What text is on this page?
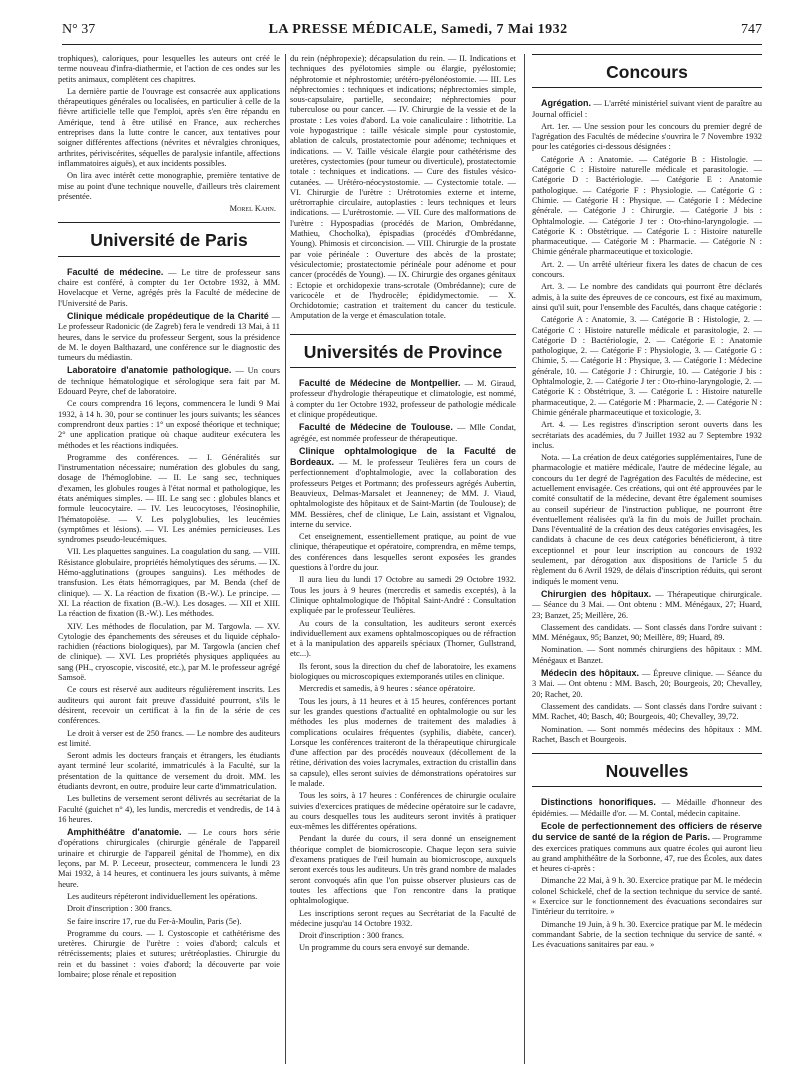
N° 37	LA PRESSE MÉDICALE, Samedi, 7 Mai 1932	747

trophiques), caloriques, pour lesquelles les auteurs ont créé le terme nouveau d'infra-diathermie, et l'action de ces ondes sur les petits animaux, complètent ces chapitres.

La dernière partie de l'ouvrage est consacrée aux applications thérapeutiques générales ou localisées, en particulier à celle de la fièvre artificielle telle que l'emploi, après s'en être répandu en Amérique, tend à être utilisé en France, aux recherches entreprises dans la lutte contre le cancer, aux tentatives pour soigner différentes affections (névrites et névralgies chroniques, arthrites, périviscérites, séquelles de paralysie infantile, affections inflammatoires aiguës), et aux incidents possibles.

On lira avec intérêt cette monographie, première tentative de mise au point d'une technique nouvelle, d'ailleurs très clairement présentée.

Morel Kahn.
Université de Paris

Faculté de médecine. — Le titre de professeur sans chaire est conféré, à compter du 1er Octobre 1932, à MM. Hovelacque et Verne, agrégés près la Faculté de médecine de l'Université de Paris.

Clinique médicale propédeutique de la Charité — Le professeur Radonicic (de Zagreb) fera le vendredi 13 Mai, à 11 heures, dans le service du professeur Sergent, sous la présidence de M. le doyen Balthazard, une conférence sur le diagnostic des tumeurs du médiastin.

Laboratoire d'anatomie pathologique. — Un cours de technique hématologique et sérologique sera fait par M. Edouard Peyre, chef de laboratoire.

Ce cours comprendra 16 leçons, commencera le lundi 9 Mai 1932, à 14 h. 30, pour se continuer les jours suivants; les séances comprendront deux parties : 1° un exposé théorique et technique; 2° une application pratique où chaque auditeur exécutera les méthodes et les réactions indiquées.

Programme des conférences. — I. Généralités sur l'instrumentation nécessaire; numération des globules du sang, dosage de l'hémoglobine. — II. Le sang sec, techniques d'examen, les globules rouges à l'état normal et pathologique, les états anémiques simples. — III. Le sang sec : globules blancs et formule leucocytaire. — IV. Les leucocytoses, l'éosinophilie, l'hématopoïèse. — V. Les polyglobulies, les leucémies (symptômes et lésions). — VI. Les anémies pernicieuses. Les syndromes pseudo-leucémiques.

VII. Les plaquettes sanguines. La coagulation du sang. — VIII. Résistance globulaire, propriétés hémolytiques des sérums. — IX. Hémo-agglutinations (groupes sanguins). Les méthodes de transfusion. Les états hémorragiques, par M. Benda (chef de clinique). — X. La réaction de fixation (B.-W.). Le principe. — XI. La réaction de fixation (B.-W.). Les dosages. — XII et XIII. La réaction de fixation (B.-W.). Les méthodes.

XIV. Les méthodes de floculation, par M. Targowla. — XV. Cytologie des épanchements des séreuses et du liquide céphalo-rachidien (réactions biologiques), par M. Targowla (ancien chef de clinique). — XVI. Les propriétés physiques appliquées au sang (PH., cryoscopie, viscosité, etc.), par M. le professeur agrégé Samsoë.

Ce cours est réservé aux auditeurs régulièrement inscrits. Les auditeurs qui auront fait preuve d'assiduité pourront, s'ils le désirent, recevoir un certificat à la fin de la série de ces conférences.

Le droit à verser est de 250 francs. — Le nombre des auditeurs est limité.

Seront admis les docteurs français et étrangers, les étudiants ayant terminé leur scolarité, immatriculés à la Faculté, sur la présentation de la quittance de versement du droit. MM. les étudiants devront, en outre, produire leur carte d'immatriculation.

Les bulletins de versement seront délivrés au secrétariat de la Faculté (guichet n° 4), les lundis, mercredis et vendredis, de 14 à 16 heures.

Amphithéâtre d'anatomie. — Le cours hors série d'opérations chirurgicales (chirurgie générale de l'appareil urinaire et chirurgie de l'appareil génital de l'homme), en dix leçons, par M. P. Leceeur, prosecteur, commencera le lundi 23 Mai 1932, à 14 heures, et continuera les jours suivants, à même heure.

Les auditeurs répéteront individuellement les opérations.

Droit d'inscription : 300 francs.

Se faire inscrire 17, rue du Fer-à-Moulin, Paris (5e).

Programme du cours. — I. Cystoscopie et cathétérisme des uretères. Chirurgie de l'urètre : voies d'abord; calculs et rétrécissements; plaies et sutures; urétréoplasties. Chirurgie du rein et du bassinet : voies d'abord; la découverte par voie lombaire; plose rénale et reposition

du rein (néphropexie); décapsulation du rein. — II. Indications et techniques des pyélotomies simple ou élargie, pyélostomie; néphrotomie et néphrostomie; urétéro-pyélonéostomie. — III. Les néphrectomies : techniques et indications; néphrectomies simple, sous-capsulaire, partielle, secondaire; néphrectomies pour tuberculose ou pour cancer. — IV. Chirurgie de la vessie et de la prostate : Les voies d'abord. La voie canaliculaire : lithotritie. La voie hypogastrique : taille vésicale simple pour cystostomie, ablation de calculs, prostatectomie pour adénome; techniques et indications. — V. Taille vésicale élargie pour cathétérisme des uretères, cystectomies (pour tumeur ou diverticule), prostatectomie totale : techniques et indications. — Cure des fistules vésico-cutanées. — Urétéro-néocystostomie. — Cystectomie totale. — VI. Chirurgie de l'urètre : Urétrotomies externe et interne, urétrorraphie circulaire, autoplasties : leurs techniques et leurs indications. — L'urétrostomie. — VII. Cure des malformations de l'urètre : Hypospadias (procédés de Marion, Ombrédanne, Mathieu, Chocholka), épispadias (procédés d'Ombrédanne, Young). Phimosis et circoncision. — VIII. Chirurgie de la prostate par voie périnéale : Ouverture des abcès de la prostate; vésiculectomie; prostatectomie périnéale pour adénome et pour cancer (procédés de Young). — IX. Chirurgie des organes génitaux : Ectopie et orchidopexie trans-scrotale (Ombrédanne); cure de varicocèle et de l'hydrocèle; épididymectomie. — X. Orchidotomie; castration et traitement du cancer du testicule. Amputation de la verge et émasculation totale.

Universités de Province

Faculté de Médecine de Montpellier. — M. Giraud, professeur d'hydrologie thérapeutique et climatologie, est nommé, à compter du 1er Octobre 1932, professeur de pathologie médicale et clinique propédeutique.

Faculté de Médecine de Toulouse. — Mlle Condat, agrégée, est nommée professeur de thérapeutique.

Clinique ophtalmologique de la Faculté de Bordeaux. — M. le professeur Teulières fera un cours de perfectionnement d'ophtalmologie, avec la collaboration des professeurs Petges et Portmann; des professeurs agrégés Aubertin, Beauvieux, Delmas-Marsalet et Jeanneney; de MM. J. Viaud, ophtalmologiste des hôpitaux et de Saint-Martin (de Toulouse); de MM. Bessières, chef de clinique, Le Lain, assistant et Vignalou, interne du service.

Cet enseignement, essentiellement pratique, au point de vue clinique, thérapeutique et opératoire, comprendra, en même temps, des conférences dans lesquelles seront exposées les grandes questions à l'ordre du jour.

Il aura lieu du lundi 17 Octobre au samedi 29 Octobre 1932. Tous les jours à 9 heures (mercredis et samedis exceptés), à la Clinique ophtalmologique de l'hôpital Saint-André : Consultation expliquée par le professeur Teulières.

Au cours de la consultation, les auditeurs seront exercés individuellement aux examens ophtalmoscopiques ou de réfraction et à la manipulation des appareils spéciaux (Thorner, Gullstrand, etc...).

Ils feront, sous la direction du chef de laboratoire, les examens biologiques ou microscopiques extemporanés utiles en clinique.

Mercredis et samedis, à 9 heures : séance opératoire.

Tous les jours, à 11 heures et à 15 heures, conférences portant sur les grandes questions d'actualité en ophtalmologie ou sur les méthodes les plus modernes de traitement des maladies à complications oculaires fréquentes (syphilis, diabète, cancer). Lorsque les conférences traiteront de la thérapeutique chirurgicale d'une affection par des procédés nouveaux (décollement de la rétine, dérivation des voies lacrymales, extraction du cristallin dans sa capsule), elles seront suivies de démonstrations opératoires sur le malade.

Tous les soirs, à 17 heures : Conférences de chirurgie oculaire suivies d'exercices pratiques de médecine opératoire sur le cadavre, au cours desquelles tous les auditeurs seront invités à pratiquer eux-mêmes les différentes opérations.

Pendant la durée du cours, il sera donné un enseignement théorique complet de biomicroscopie. Chaque leçon sera suivie d'examens pratiques de l'œil humain au biomicroscope, auxquels seront exercés tous les auditeurs. Un très grand nombre de malades seront convoqués afin que l'on puisse observer plusieurs cas de toutes les affections que l'on rencontre dans la pratique ophtalmologique.

Les inscriptions seront reçues au Secrétariat de la Faculté de médecine jusqu'au 14 Octobre 1932.

Droit d'inscription : 300 francs.

Un programme du cours sera envoyé sur demande.

Concours

Agrégation. — L'arrêté ministériel suivant vient de paraître au Journal officiel :

Art. 1er. — Une session pour les concours du premier degré de l'agrégation des Facultés de médecine s'ouvrira le 7 Novembre 1932 pour les catégories ci-dessous désignées :

Catégorie A : Anatomie. — Catégorie B : Histologie. — Catégorie C : Histoire naturelle médicale et parasitologie. — Catégorie D : Bactériologie. — Catégorie E : Anatomie pathologique. — Catégorie F : Physiologie. — Catégorie G : Chimie. — Catégorie H : Physique. — Catégorie I : Médecine générale. — Catégorie J : Chirurgie. — Catégorie J bis : Ophtalmologie. — Catégorie J ter : Oto-rhino-laryngologie. — Catégorie K : Obstétrique. — Catégorie L : Histoire naturelle pharmaceutique. — Catégorie M : Pharmacie. — Catégorie N : Chimie générale pharmaceutique et toxicologie.

Art. 2. — Un arrêté ultérieur fixera les dates de chacun de ces concours.

Art. 3. — Le nombre des candidats qui pourront être déclarés admis, à la suite des épreuves de ce concours, est fixé au maximum, ainsi qu'il suit, pour l'ensemble des Facultés, dans chaque catégorie :

Catégorie A : Anatomie, 3. — Catégorie B : Histologie, 2. — Catégorie C : Histoire naturelle médicale et parasitologie, 2. — Catégorie D : Bactériologie, 2. — Catégorie E : Anatomie pathologique, 2. — Catégorie F : Physiologie, 3. — Catégorie G : Chimie, 5. — Catégorie H : Physique, 3. — Catégorie I : Médecine générale, 10. — Catégorie J : Chirurgie, 10. — Catégorie J bis : Ophtalmologie, 2. — Catégorie J ter : Oto-rhino-laryngologie, 2. — Catégorie K : Obstétrique, 3. — Catégorie L : Histoire naturelle pharmaceutique, 2. — Catégorie M : Pharmacie, 2. — Catégorie N : Chimie générale pharmaceutique et toxicologie, 3.

Art. 4. — Les registres d'inscription seront ouverts dans les secrétariats des académies, du 7 Juillet 1932 au 7 Septembre 1932 inclus.

Nota. — La création de deux catégories supplémentaires, l'une de pharmacologie et matière médicale, l'autre de médecine légale, au concours du 1er degré de l'agrégation des Facultés de médecine, est actuellement envisagée. Ces créations, qui ont été approuvées par le comité consultatif de la médecine, devant être également soumises au conseil supérieur de l'instruction publique, ne pourront être éventuellement réalisées qu'à la fin du mois de Juillet prochain. Dans l'éventualité de la création des deux catégories envisagées, les candidats à chacune de ces deux catégories bénéficieront, à titre exceptionnel et pour leur inscription au concours de 1932 seulement, par dérogation aux dispositions de l'article 5 du règlement du 6 Avril 1929, de délais d'inscription réduits, qui seront indiqués le moment venu.

Chirurgien des hôpitaux. — Thérapeutique chirurgicale. — Séance du 3 Mai. — Ont obtenu : MM. Ménégaux, 27; Huard, 23; Banzet, 25; Meillère, 26.

Classement des candidats. — Sont classés dans l'ordre suivant : MM. Ménégaux, 95; Banzet, 90; Meillère, 89; Huard, 89.

Nomination. — Sont nommés chirurgiens des hôpitaux : MM. Ménégaux et Banzet.

Médecin des hôpitaux. — Épreuve clinique. — Séance du 3 Mai. — Ont obtenu : MM. Basch, 20; Bourgeois, 20; Chevalley, 20; Rachet, 20.

Classement des candidats. — Sont classés dans l'ordre suivant : MM. Rachet, 40; Basch, 40; Bourgeois, 40; Chevalley, 39,72.

Nomination. — Sont nommés médecins des hôpitaux : MM. Rachet, Basch et Bourgeois.

Nouvelles

Distinctions honorifiques. — Médaille d'honneur des épidémies. — Médaille d'or. — M. Contal, médecin capitaine.

Ecole de perfectionnement des officiers de réserve du service de santé de la région de Paris. — Programme des exercices pratiques communs aux quatre écoles qui auront lieu au grand amphithéâtre de la Sorbonne, 47, rue des Écoles, aux dates et heures ci-après :

Dimanche 22 Mai, à 9 h. 30. Exercice pratique par M. le médecin colonel Schickelé, chef de la section technique du service de santé. « Exercice sur le fonctionnement des évacuations secondaires sur l'intérieur du territoire. »

Dimanche 19 Juin, à 9 h. 30. Exercice pratique par M. le médecin commandant Sabrie, de la section technique du service de santé. « Les évacuations sanitaires par eau. »
